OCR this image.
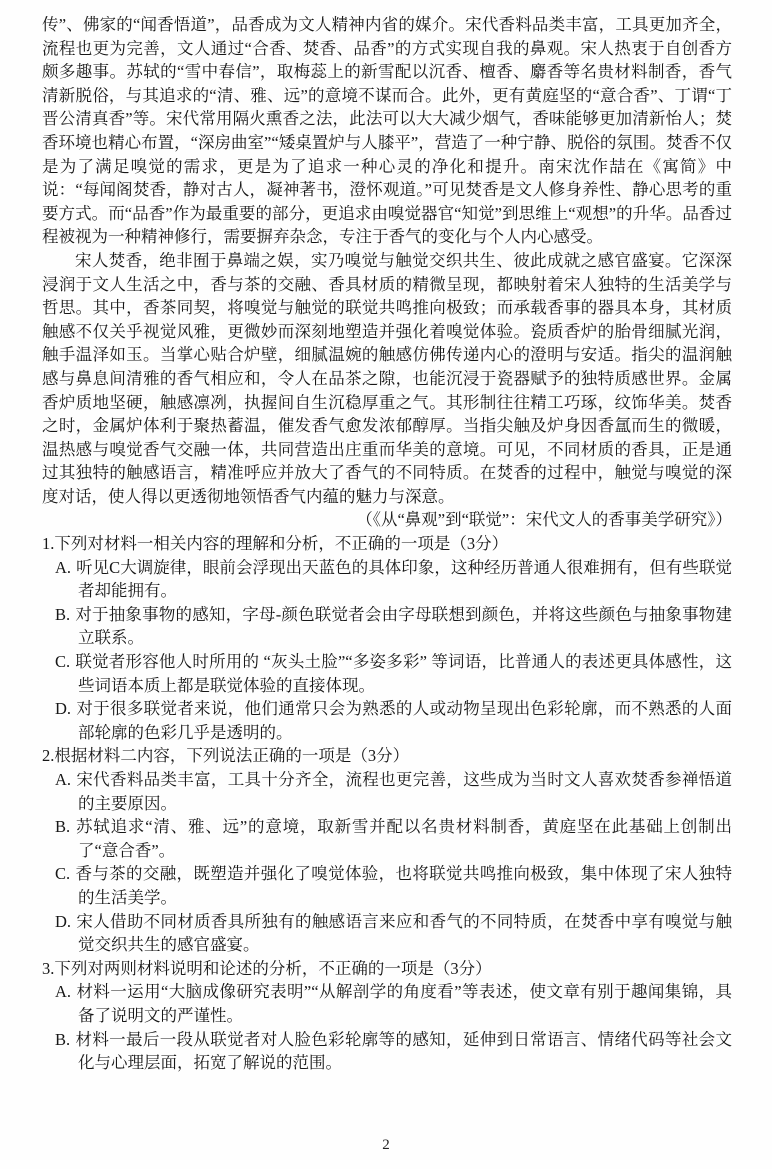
传”、佛家的“闻香悟道”，品香成为文人精神内省的媒介。宋代香料品类丰富，工具更加齐全，流程也更为完善，文人通过“合香、焚香、品香”的方式实现自我的鼻观。宋人热衷于自创香方颇多趣事。苏轼的“雪中春信”，取梅蕊上的新雪配以沉香、檀香、麝香等名贵材料制香，香气清新脱俗，与其追求的“清、雅、远”的意境不谋而合。此外，更有黄庭坚的“意合香”、丁谓“丁晋公清真香”等。宋代常用隔火熏香之法，此法可以大大减少烟气，香味能够更加清新怡人；焚香环境也精心布置，“深房曲室”“矮桌置炉与人膝平”，营造了一种宁静、脱俗的氛围。焚香不仅是为了满足嗅觉的需求，更是为了追求一种心灵的净化和提升。南宋沈作喆在《寓简》中说：“每闻阁焚香，静对古人，凝神著书，澄怀观道。”可见焚香是文人修身养性、静心思考的重要方式。而“品香”作为最重要的部分，更追求由嗅觉器官“知觉”到思维上“观想”的升华。品香过程被视为一种精神修行，需要摒弃杂念，专注于香气的变化与个人内心感受。

宋人焚香，绝非囿于鼻端之娱，实乃嗅觉与触觉交织共生、彼此成就之感官盛宴。它深深浸润于文人生活之中，香与茶的交融、香具材质的精微呈现，都映射着宋人独特的生活美学与哲思。其中，香茶同契，将嗅觉与触觉的联觉共鸣推向极致；而承载香事的器具本身，其材质触感不仅关乎视觉风雅，更微妙而深刻地塑造并强化着嗅觉体验。瓷质香炉的胎骨细腻光润，触手温泽如玉。当掌心贴合炉壁，细腻温婉的触感仿佛传递内心的澄明与安适。指尖的温润触感与鼻息间清雅的香气相应和，令人在品茶之隙，也能沉浸于瓷器赋予的独特质感世界。金属香炉质地坚硬，触感凛冽，执握间自生沉稳厚重之气。其形制往往精工巧琢，纹饰华美。焚香之时，金属炉体利于聚热蓄温，催发香气愈发浓郁醇厚。当指尖触及炉身因香氲而生的微暖，温热感与嗅觉香气交融一体，共同营造出庄重而华美的意境。可见，不同材质的香具，正是通过其独特的触感语言，精准呼应并放大了香气的不同特质。在焚香的过程中，触觉与嗅觉的深度对话，使人得以更透彻地领悟香气内蕴的魅力与深意。

（《从“鼻观”到“联觉”：宋代文人的香事美学研究》）

1.下列对材料一相关内容的理解和分析，不正确的一项是（3分）

A. 听见C大调旋律，眼前会浮现出天蓝色的具体印象，这种经历普通人很难拥有，但有些联觉者却能拥有。

B. 对于抽象事物的感知，字母-颜色联觉者会由字母联想到颜色，并将这些颜色与抽象事物建立联系。

C. 联觉者形容他人时所用的 “灰头土脸”“多姿多彩” 等词语，比普通人的表述更具体感性，这些词语本质上都是联觉体验的直接体现。

D. 对于很多联觉者来说，他们通常只会为熟悉的人或动物呈现出色彩轮廓，而不熟悉的人面部轮廓的色彩几乎是透明的。

2.根据材料二内容，下列说法正确的一项是（3分）

A. 宋代香料品类丰富，工具十分齐全，流程也更完善，这些成为当时文人喜欢焚香参禅悟道的主要原因。

B. 苏轼追求“清、雅、远”的意境，取新雪并配以名贵材料制香，黄庭坚在此基础上创制出了“意合香”。

C. 香与茶的交融，既塑造并强化了嗅觉体验，也将联觉共鸣推向极致，集中体现了宋人独特的生活美学。

D. 宋人借助不同材质香具所独有的触感语言来应和香气的不同特质，在焚香中享有嗅觉与触觉交织共生的感官盛宴。

3.下列对两则材料说明和论述的分析，不正确的一项是（3分）

A. 材料一运用“大脑成像研究表明”“从解剖学的角度看”等表述，使文章有别于趣闻集锦，具备了说明文的严谨性。

B. 材料一最后一段从联觉者对人脸色彩轮廓等的感知，延伸到日常语言、情绪代码等社会文化与心理层面，拓宽了解说的范围。

2
